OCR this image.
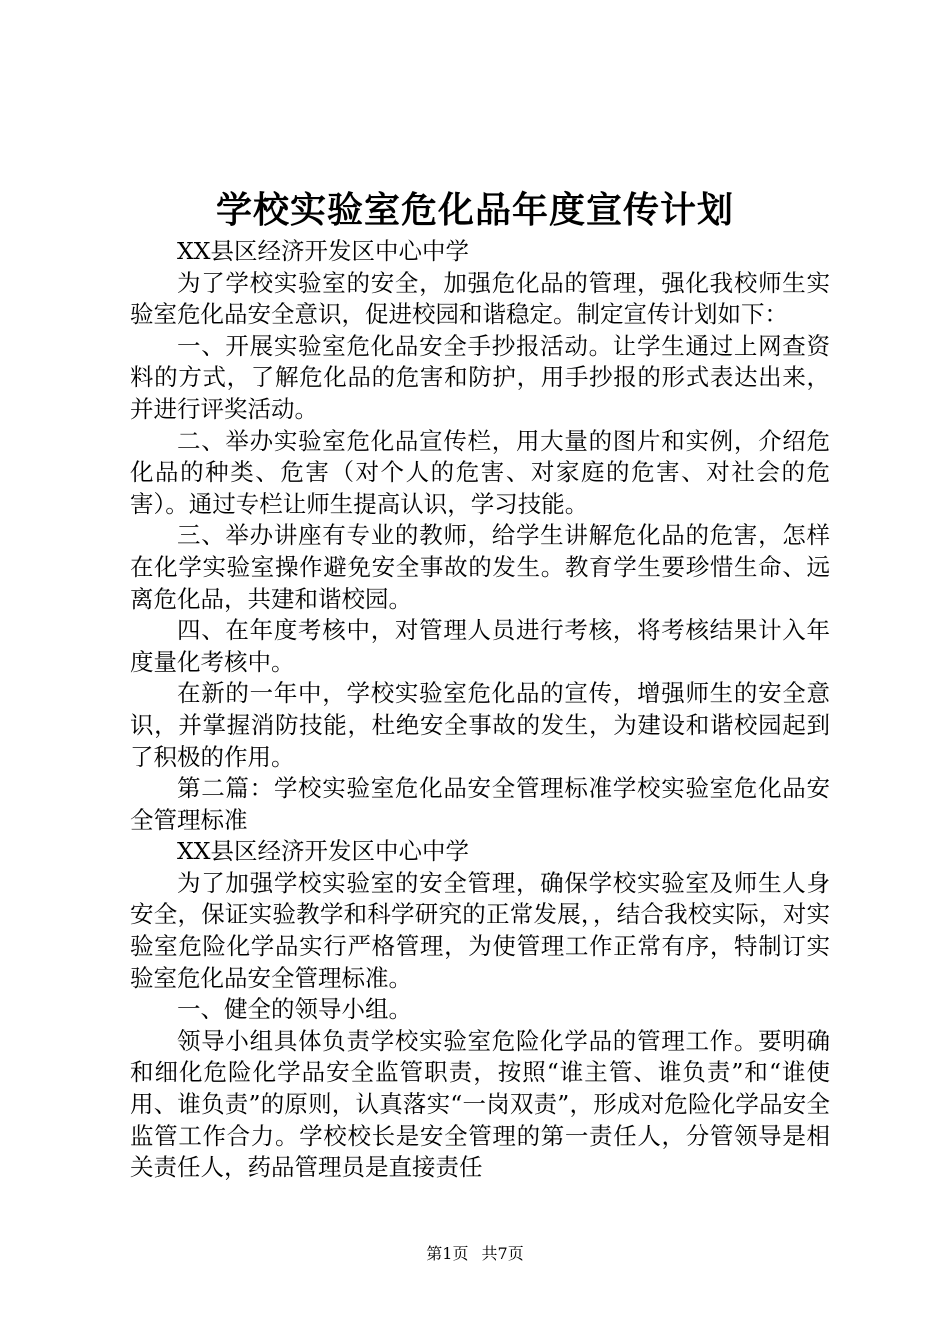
学校实验室危化品年度宣传计划

XX县区经济开发区中心中学

为了学校实验室的安全，加强危化品的管理，强化我校师生实验室危化品安全意识，促进校园和谐稳定。制定宣传计划如下：

一、开展实验室危化品安全手抄报活动。让学生通过上网查资料的方式，了解危化品的危害和防护，用手抄报的形式表达出来，并进行评奖活动。

二、举办实验室危化品宣传栏，用大量的图片和实例，介绍危化品的种类、危害（对个人的危害、对家庭的危害、对社会的危害）。通过专栏让师生提高认识，学习技能。

三、举办讲座有专业的教师，给学生讲解危化品的危害，怎样在化学实验室操作避免安全事故的发生。教育学生要珍惜生命、远离危化品，共建和谐校园。

四、在年度考核中，对管理人员进行考核，将考核结果计入年度量化考核中。

在新的一年中，学校实验室危化品的宣传，增强师生的安全意识，并掌握消防技能，杜绝安全事故的发生，为建设和谐校园起到了积极的作用。

第二篇：学校实验室危化品安全管理标准学校实验室危化品安全管理标准

XX县区经济开发区中心中学

为了加强学校实验室的安全管理，确保学校实验室及师生人身安全，保证实验教学和科学研究的正常发展，，结合我校实际，对实验室危险化学品实行严格管理，为使管理工作正常有序，特制订实验室危化品安全管理标准。

一、健全的领导小组。

领导小组具体负责学校实验室危险化学品的管理工作。要明确和细化危险化学品安全监管职责，按照“谁主管、谁负责”和“谁使用、谁负责”的原则，认真落实“一岗双责”，形成对危险化学品安全监管工作合力。学校校长是安全管理的第一责任人，分管领导是相关责任人，药品管理员是直接责任

第1页 共7页
